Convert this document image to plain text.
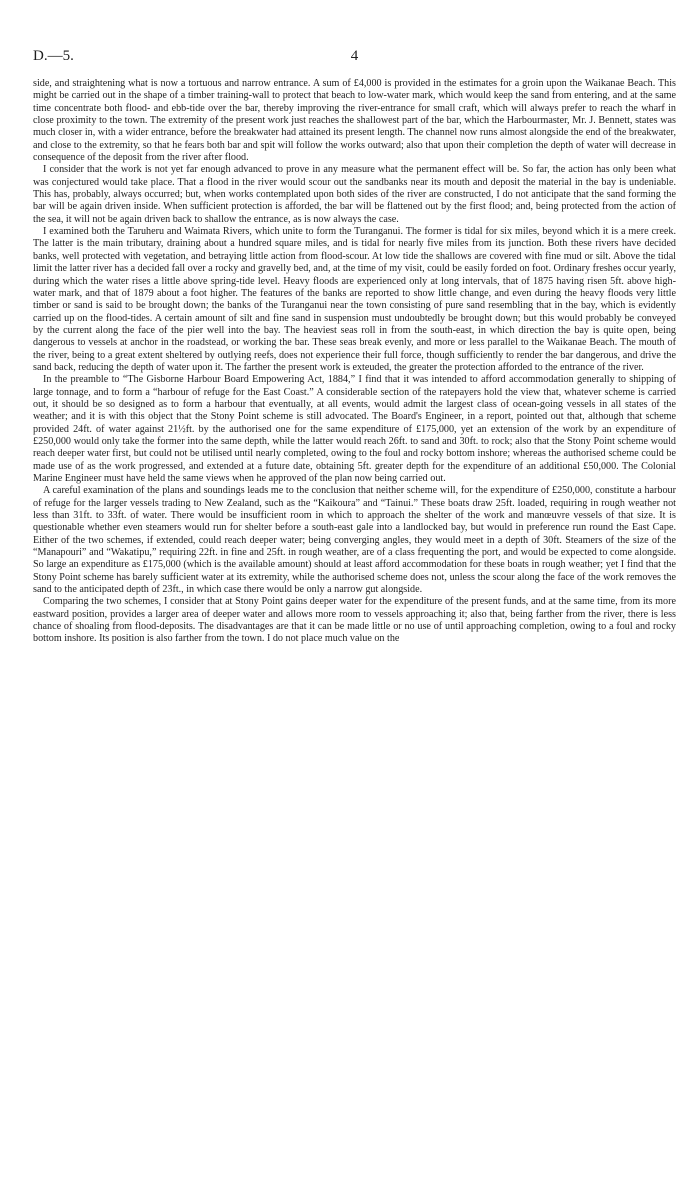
D.—5.	4

side, and straightening what is now a tortuous and narrow entrance. A sum of £4,000 is provided in the estimates for a groin upon the Waikanae Beach. This might be carried out in the shape of a timber training-wall to protect that beach to low-water mark, which would keep the sand from entering, and at the same time concentrate both flood- and ebb-tide over the bar, thereby improving the river-entrance for small craft, which will always prefer to reach the wharf in close proximity to the town. The extremity of the present work just reaches the shallowest part of the bar, which the Harbourmaster, Mr. J. Bennett, states was much closer in, with a wider entrance, before the breakwater had attained its present length. The channel now runs almost alongside the end of the breakwater, and close to the extremity, so that he fears both bar and spit will follow the works outward; also that upon their completion the depth of water will decrease in consequence of the deposit from the river after flood.

I consider that the work is not yet far enough advanced to prove in any measure what the permanent effect will be. So far, the action has only been what was conjectured would take place. That a flood in the river would scour out the sandbanks near its mouth and deposit the material in the bay is undeniable. This has, probably, always occurred; but, when works contemplated upon both sides of the river are constructed, I do not anticipate that the sand forming the bar will be again driven inside. When sufficient protection is afforded, the bar will be flattened out by the first flood; and, being protected from the action of the sea, it will not be again driven back to shallow the entrance, as is now always the case.

I examined both the Taruheru and Waimata Rivers, which unite to form the Turanganui. The former is tidal for six miles, beyond which it is a mere creek. The latter is the main tributary, draining about a hundred square miles, and is tidal for nearly five miles from its junction. Both these rivers have decided banks, well protected with vegetation, and betraying little action from flood-scour. At low tide the shallows are covered with fine mud or silt. Above the tidal limit the latter river has a decided fall over a rocky and gravelly bed, and, at the time of my visit, could be easily forded on foot. Ordinary freshes occur yearly, during which the water rises a little above spring-tide level. Heavy floods are experienced only at long intervals, that of 1875 having risen 5ft. above high-water mark, and that of 1879 about a foot higher. The features of the banks are reported to show little change, and even during the heavy floods very little timber or sand is said to be brought down; the banks of the Turanganui near the town consisting of pure sand resembling that in the bay, which is evidently carried up on the flood-tides. A certain amount of silt and fine sand in suspension must undoubtedly be brought down; but this would probably be conveyed by the current along the face of the pier well into the bay. The heaviest seas roll in from the south-east, in which direction the bay is quite open, being dangerous to vessels at anchor in the roadstead, or working the bar. These seas break evenly, and more or less parallel to the Waikanae Beach. The mouth of the river, being to a great extent sheltered by outlying reefs, does not experience their full force, though sufficiently to render the bar dangerous, and drive the sand back, reducing the depth of water upon it. The farther the present work is exteuded, the greater the protection afforded to the entrance of the river.

In the preamble to “The Gisborne Harbour Board Empowering Act, 1884,” I find that it was intended to afford accommodation generally to shipping of large tonnage, and to form a “harbour of refuge for the East Coast.” A considerable section of the ratepayers hold the view that, whatever scheme is carried out, it should be so designed as to form a harbour that eventually, at all events, would admit the largest class of ocean-going vessels in all states of the weather; and it is with this object that the Stony Point scheme is still advocated. The Board's Engineer, in a report, pointed out that, although that scheme provided 24ft. of water against 21½ft. by the authorised one for the same expenditure of £175,000, yet an extension of the work by an expenditure of £250,000 would only take the former into the same depth, while the latter would reach 26ft. to sand and 30ft. to rock; also that the Stony Point scheme would reach deeper water first, but could not be utilised until nearly completed, owing to the foul and rocky bottom inshore; whereas the authorised scheme could be made use of as the work progressed, and extended at a future date, obtaining 5ft. greater depth for the expenditure of an additional £50,000. The Colonial Marine Engineer must have held the same views when he approved of the plan now being carried out.

A careful examination of the plans and soundings leads me to the conclusion that neither scheme will, for the expenditure of £250,000, constitute a harbour of refuge for the larger vessels trading to New Zealand, such as the “Kaikoura” and “Tainui.” These boats draw 25ft. loaded, requiring in rough weather not less than 31ft. to 33ft. of water. There would be insufficient room in which to approach the shelter of the work and manœuvre vessels of that size. It is questionable whether even steamers would run for shelter before a south-east gale into a landlocked bay, but would in preference run round the East Cape. Either of the two schemes, if extended, could reach deeper water; being converging angles, they would meet in a depth of 30ft. Steamers of the size of the “Manapouri” and “Wakatipu,” requiring 22ft. in fine and 25ft. in rough weather, are of a class frequenting the port, and would be expected to come alongside. So large an expenditure as £175,000 (which is the available amount) should at least afford accommodation for these boats in rough weather; yet I find that the Stony Point scheme has barely sufficient water at its extremity, while the authorised scheme does not, unless the scour along the face of the work removes the sand to the anticipated depth of 23ft., in which case there would be only a narrow gut alongside.

Comparing the two schemes, I consider that at Stony Point gains deeper water for the expenditure of the present funds, and at the same time, from its more eastward position, provides a larger area of deeper water and allows more room to vessels approaching it; also that, being farther from the river, there is less chance of shoaling from flood-deposits. The disadvantages are that it can be made little or no use of until approaching completion, owing to a foul and rocky bottom inshore. Its position is also farther from the town. I do not place much value on the
